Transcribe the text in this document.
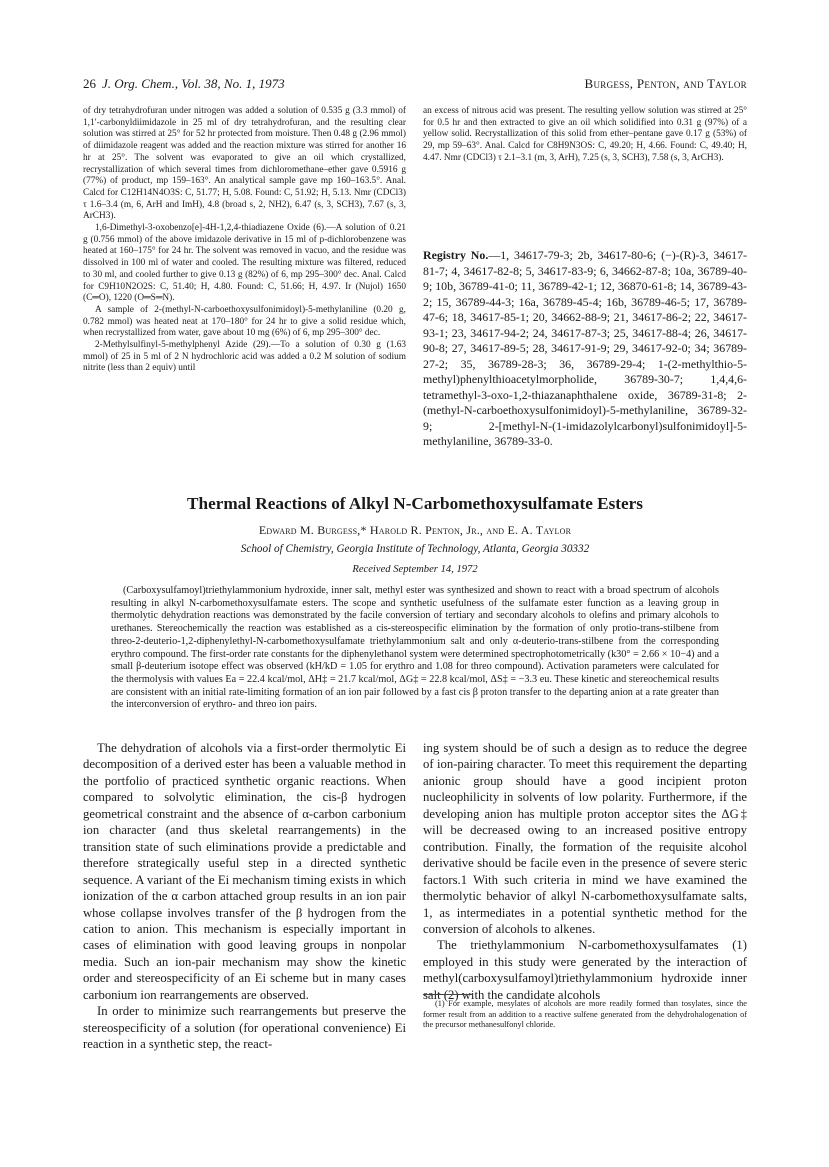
26 J. Org. Chem., Vol. 38, No. 1, 1973	Burgess, Penton, and Taylor

of dry tetrahydrofuran under nitrogen was added a solution of 0.535 g (3.3 mmol) of 1,1′-carbonyldiimidazole in 25 ml of dry tetrahydrofuran, and the resulting clear solution was stirred at 25° for 52 hr protected from moisture. Then 0.48 g (2.96 mmol) of diimidazole reagent was added and the reaction mixture was stirred for another 16 hr at 25°. The solvent was evaporated to give an oil which crystallized, recrystallization of which several times from dichloromethane–ether gave 0.5916 g (77%) of product, mp 159–163°. An analytical sample gave mp 160–163.5°. Anal. Calcd for C12H14N4O3S: C, 51.77; H, 5.08. Found: C, 51.92; H, 5.13. Nmr (CDCl3) τ 1.6–3.4 (m, 6, ArH and ImH), 4.8 (broad s, 2, NH2), 6.47 (s, 3, SCH3), 7.67 (s, 3, ArCH3).

1,6-Dimethyl-3-oxobenzo[e]-4H-1,2,4-thiadiazene Oxide (6).—A solution of 0.21 g (0.756 mmol) of the above imidazole derivative in 15 ml of p-dichlorobenzene was heated at 160–175° for 24 hr. The solvent was removed in vacuo, and the residue was dissolved in 100 ml of water and cooled. The resulting mixture was filtered, reduced to 30 ml, and cooled further to give 0.13 g (82%) of 6, mp 295–300° dec. Anal. Calcd for C9H10N2O2S: C, 51.40; H, 4.80. Found: C, 51.66; H, 4.97. Ir (Nujol) 1650 (C═O), 1220 (O═S═N).

A sample of 2-(methyl-N-carboethoxysulfonimidoyl)-5-methylaniline (0.20 g, 0.782 mmol) was heated neat at 170–180° for 24 hr to give a solid residue which, when recrystallized from water, gave about 10 mg (6%) of 6, mp 295–300° dec.

2-Methylsulfinyl-5-methylphenyl Azide (29).—To a solution of 0.30 g (1.63 mmol) of 25 in 5 ml of 2 N hydrochloric acid was added a 0.2 M solution of sodium nitrite (less than 2 equiv) until

an excess of nitrous acid was present. The resulting yellow solution was stirred at 25° for 0.5 hr and then extracted to give an oil which solidified into 0.31 g (97%) of a yellow solid. Recrystallization of this solid from ether–pentane gave 0.17 g (53%) of 29, mp 59–63°. Anal. Calcd for C8H9N3OS: C, 49.20; H, 4.66. Found: C, 49.40; H, 4.47. Nmr (CDCl3) τ 2.1–3.1 (m, 3, ArH), 7.25 (s, 3, SCH3), 7.58 (s, 3, ArCH3).

Registry No.—1, 34617-79-3; 2b, 34617-80-6; (−)-(R)-3, 34617-81-7; 4, 34617-82-8; 5, 34617-83-9; 6, 34662-87-8; 10a, 36789-40-9; 10b, 36789-41-0; 11, 36789-42-1; 12, 36870-61-8; 14, 36789-43-2; 15, 36789-44-3; 16a, 36789-45-4; 16b, 36789-46-5; 17, 36789-47-6; 18, 34617-85-1; 20, 34662-88-9; 21, 34617-86-2; 22, 34617-93-1; 23, 34617-94-2; 24, 34617-87-3; 25, 34617-88-4; 26, 34617-90-8; 27, 34617-89-5; 28, 34617-91-9; 29, 34617-92-0; 34; 36789-27-2; 35, 36789-28-3; 36, 36789-29-4; 1-(2-methylthio-5-methyl)phenylthioacetylmorpholide, 36789-30-7; 1,4,4,6-tetramethyl-3-oxo-1,2-thiazanaphthalene oxide, 36789-31-8; 2-(methyl-N-carboethoxysulfonimidoyl)-5-methylaniline, 36789-32-9; 2-[methyl-N-(1-imidazolylcarbonyl)sulfonimidoyl]-5-methylaniline, 36789-33-0.
Thermal Reactions of Alkyl N-Carbomethoxysulfamate Esters
Edward M. Burgess,* Harold R. Penton, Jr., and E. A. Taylor
School of Chemistry, Georgia Institute of Technology, Atlanta, Georgia 30332
Received September 14, 1972

(Carboxysulfamoyl)triethylammonium hydroxide, inner salt, methyl ester was synthesized and shown to react with a broad spectrum of alcohols resulting in alkyl N-carbomethoxysulfamate esters. The scope and synthetic usefulness of the sulfamate ester function as a leaving group in thermolytic dehydration reactions was demonstrated by the facile conversion of tertiary and secondary alcohols to olefins and primary alcohols to urethanes. Stereochemically the reaction was established as a cis-stereospecific elimination by the formation of only protio-trans-stilbene from threo-2-deuterio-1,2-diphenylethyl-N-carbomethoxysulfamate triethylammonium salt and only α-deuterio-trans-stilbene from the corresponding erythro compound. The first-order rate constants for the diphenylethanol system were determined spectrophotometrically (k30° = 2.66 × 10−4) and a small β-deuterium isotope effect was observed (kH/kD = 1.05 for erythro and 1.08 for threo compound). Activation parameters were calculated for the thermolysis with values Ea = 22.4 kcal/mol, ΔH‡ = 21.7 kcal/mol, ΔG‡ = 22.8 kcal/mol, ΔS‡ = −3.3 eu. These kinetic and stereochemical results are consistent with an initial rate-limiting formation of an ion pair followed by a fast cis β proton transfer to the departing anion at a rate greater than the interconversion of erythro- and threo ion pairs.

The dehydration of alcohols via a first-order thermolytic Ei decomposition of a derived ester has been a valuable method in the portfolio of practiced synthetic organic reactions. When compared to solvolytic elimination, the cis-β hydrogen geometrical constraint and the absence of α-carbon carbonium ion character (and thus skeletal rearrangements) in the transition state of such eliminations provide a predictable and therefore strategically useful step in a directed synthetic sequence. A variant of the Ei mechanism timing exists in which ionization of the α carbon attached group results in an ion pair whose collapse involves transfer of the β hydrogen from the cation to anion. This mechanism is especially important in cases of elimination with good leaving groups in nonpolar media. Such an ion-pair mechanism may show the kinetic order and stereospecificity of an Ei scheme but in many cases carbonium ion rearrangements are observed.

In order to minimize such rearrangements but preserve the stereospecificity of a solution (for operational convenience) Ei reaction in a synthetic step, the react-

ing system should be of such a design as to reduce the degree of ion-pairing character. To meet this requirement the departing anionic group should have a good incipient proton nucleophilicity in solvents of low polarity. Furthermore, if the developing anion has multiple proton acceptor sites the ΔG‡ will be decreased owing to an increased positive entropy contribution. Finally, the formation of the requisite alcohol derivative should be facile even in the presence of severe steric factors.1 With such criteria in mind we have examined the thermolytic behavior of alkyl N-carbomethoxysulfamate salts, 1, as intermediates in a potential synthetic method for the conversion of alcohols to alkenes.

The triethylammonium N-carbomethoxysulfamates (1) employed in this study were generated by the interaction of methyl(carboxysulfamoyl)triethylammonium hydroxide inner salt (2) with the candidate alcohols

(1) For example, mesylates of alcohols are more readily formed than tosylates, since the former result from an addition to a reactive sulfene generated from the dehydrohalogenation of the precursor methanesulfonyl chloride.
